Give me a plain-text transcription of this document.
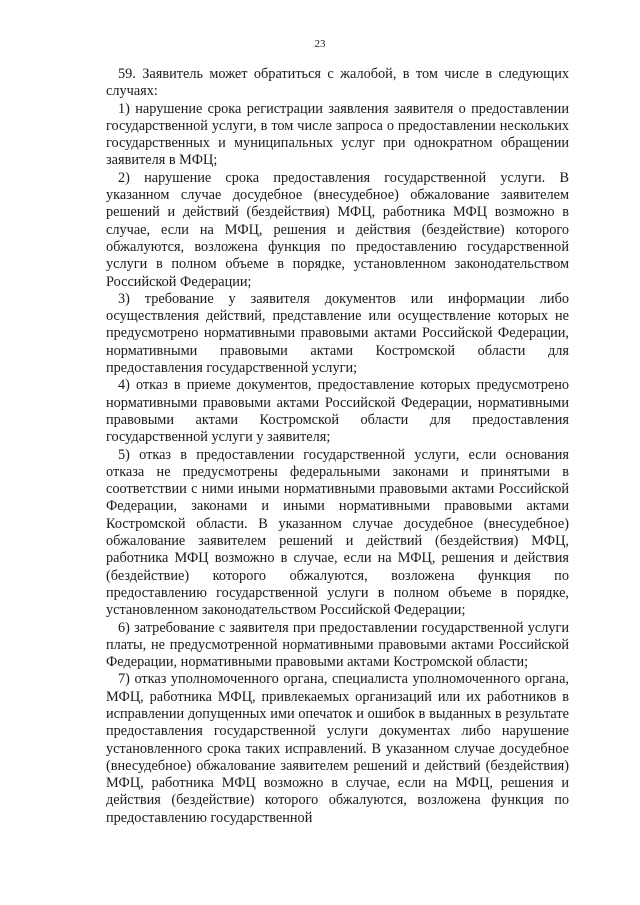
23

59. Заявитель может обратиться с жалобой, в том числе в следующих случаях:

1) нарушение срока регистрации заявления заявителя о предоставлении государственной услуги, в том числе запроса о предоставлении нескольких государственных и муниципальных услуг при однократном обращении заявителя в МФЦ;

2) нарушение срока предоставления государственной услуги. В указанном случае досудебное (внесудебное) обжалование заявителем решений и действий (бездействия) МФЦ, работника МФЦ возможно в случае, если на МФЦ, решения и действия (бездействие) которого обжалуются, возложена функция по предоставлению государственной услуги в полном объеме в порядке, установленном законодательством Российской Федерации;

3) требование у заявителя документов или информации либо осуществления действий, представление или осуществление которых не предусмотрено нормативными правовыми актами Российской Федерации, нормативными правовыми актами Костромской области для предоставления государственной услуги;

4) отказ в приеме документов, предоставление которых предусмотрено нормативными правовыми актами Российской Федерации, нормативными правовыми актами Костромской области для предоставления государственной услуги у заявителя;

5) отказ в предоставлении государственной услуги, если основания отказа не предусмотрены федеральными законами и принятыми в соответствии с ними иными нормативными правовыми актами Российской Федерации, законами и иными нормативными правовыми актами Костромской области. В указанном случае досудебное (внесудебное) обжалование заявителем решений и действий (бездействия) МФЦ, работника МФЦ возможно в случае, если на МФЦ, решения и действия (бездействие) которого обжалуются, возложена функция по предоставлению государственной услуги в полном объеме в порядке, установленном законодательством Российской Федерации;

6) затребование с заявителя при предоставлении государственной услуги платы, не предусмотренной нормативными правовыми актами Российской Федерации, нормативными правовыми актами Костромской области;

7) отказ уполномоченного органа, специалиста уполномоченного органа, МФЦ, работника МФЦ, привлекаемых организаций или их работников в исправлении допущенных ими опечаток и ошибок в выданных в результате предоставления государственной услуги документах либо нарушение установленного срока таких исправлений. В указанном случае досудебное (внесудебное) обжалование заявителем решений и действий (бездействия) МФЦ, работника МФЦ возможно в случае, если на МФЦ, решения и действия (бездействие) которого обжалуются, возложена функция по предоставлению государственной
